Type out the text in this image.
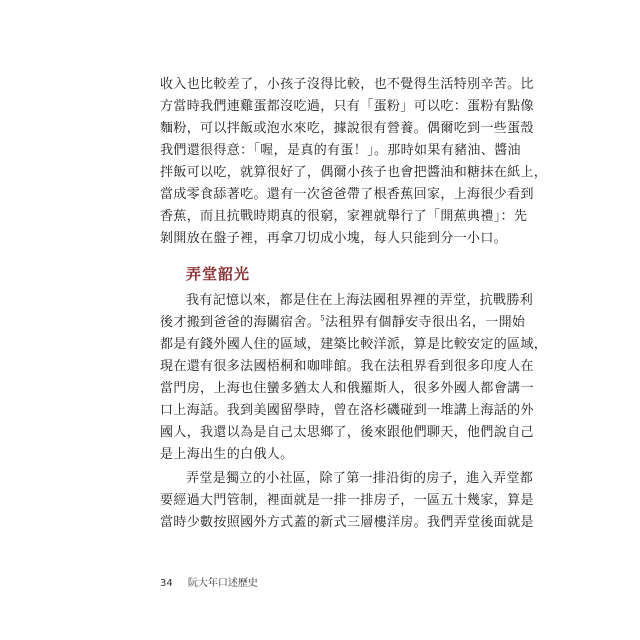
收入也比較差了，小孩子沒得比較，也不覺得生活特別辛苦。比
方當時我們連雞蛋都沒吃過，只有「蛋粉」可以吃：蛋粉有點像
麵粉，可以拌飯或泡水來吃，據說很有營養。偶爾吃到一些蛋殼
我們還很得意：「喔，是真的有蛋！」。那時如果有豬油、醬油
拌飯可以吃，就算很好了，偶爾小孩子也會把醬油和糖抹在紙上，
當成零食舔著吃。還有一次爸爸帶了根香蕉回家，上海很少看到
香蕉，而且抗戰時期真的很窮，家裡就舉行了「開蕉典禮」：先
剝開放在盤子裡，再拿刀切成小塊，每人只能到分一小口。
弄堂韶光
我有記憶以來，都是住在上海法國租界裡的弄堂，抗戰勝利
後才搬到爸爸的海關宿舍。$^5$法租界有個靜安寺很出名，一開始
都是有錢外國人住的區域，建築比較洋派，算是比較安定的區域，
現在還有很多法國梧桐和咖啡館。我在法租界看到很多印度人在
當門房，上海也住蠻多猶太人和俄羅斯人，很多外國人都會講一
口上海話。我到美國留學時，曾在洛杉磯碰到一堆講上海話的外
國人，我還以為是自己太思鄉了，後來跟他們聊天，他們說自己
是上海出生的白俄人。
弄堂是獨立的小社區，除了第一排沿街的房子，進入弄堂都
要經過大門管制，裡面就是一排一排房子，一區五十幾家，算是
當時少數按照國外方式蓋的新式三層樓洋房。我們弄堂後面就是
34 阮大年口述歷史
